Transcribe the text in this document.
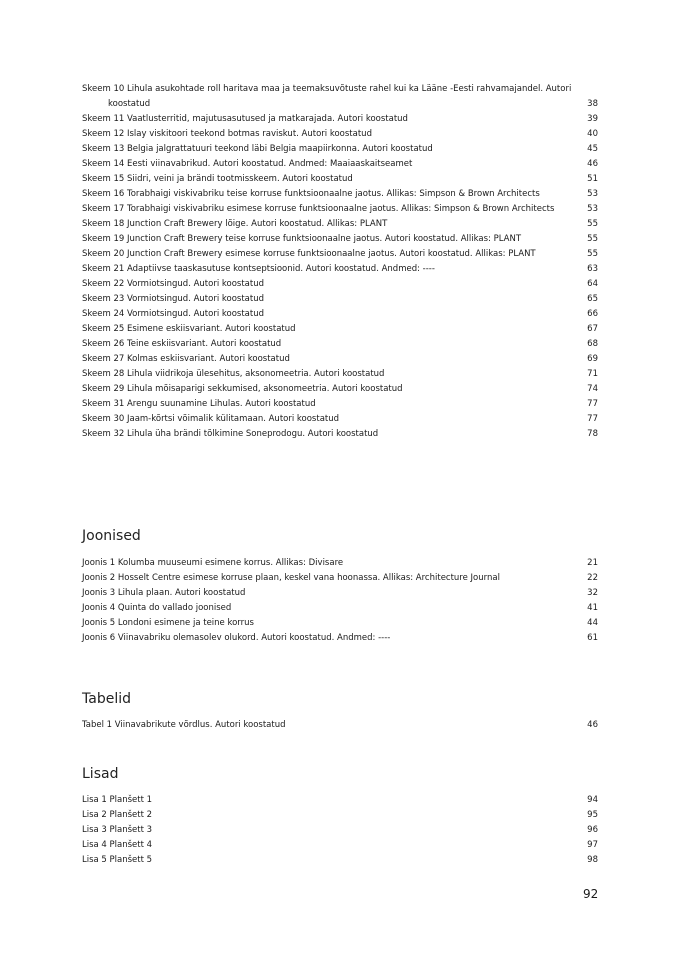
Skeem 10 Lihula asukohtade roll haritava maa ja teemaksuvõtuste rahel kui ka Lääne -Eesti rahvamajandel. Autori koostatud	38
Skeem 11 Vaatlusterritid, majutusasutused ja matkarajada. Autori koostatud	39
Skeem 12 Islay viskitoori teekond botmas raviskut. Autori koostatud	40
Skeem 13 Belgia jalgrattatuuri teekond läbi Belgia maapiirkonna. Autori koostatud	45
Skeem 14 Eesti viinavabrikud. Autori koostatud. Andmed: Maaiaaskaitseamet	46
Skeem 15 Siidri, veini ja brändi tootmisskeem. Autori koostatud	51
Skeem 16 Torabhaigi viskivabriku teise korruse funktsioonaalne jaotus. Allikas: Simpson & Brown Architects	53
Skeem 17 Torabhaigi viskivabriku esimese korruse funktsioonaalne jaotus. Allikas: Simpson & Brown Architects	53
Skeem 18 Junction Craft Brewery lõige. Autori koostatud. Allikas: PLANT	55
Skeem 19 Junction Craft Brewery teise korruse funktsioonaalne jaotus. Autori koostatud. Allikas: PLANT	55
Skeem 20 Junction Craft Brewery esimese korruse funktsioonaalne jaotus. Autori koostatud. Allikas: PLANT	55
Skeem 21 Adaptiivse taaskasutuse kontseptsioonid. Autori koostatud. Andmed: ----	63
Skeem 22 Vormiotsingud. Autori koostatud	64
Skeem 23 Vormiotsingud. Autori koostatud	65
Skeem 24 Vormiotsingud. Autori koostatud	66
Skeem 25 Esimene eskiisvariant. Autori koostatud	67
Skeem 26 Teine eskiisvariant. Autori koostatud	68
Skeem 27 Kolmas eskiisvariant. Autori koostatud	69
Skeem 28 Lihula viidrikoja ülesehitus, aksonomeetria. Autori koostatud	71
Skeem 29 Lihula mõisaparigi sekkumised, aksonomeetria. Autori koostatud	74
Skeem 31 Arengu suunamine Lihulas. Autori koostatud	77
Skeem 30 Jaam-kõrtsi võimalik külitamaan. Autori koostatud	77
Skeem 32 Lihula üha brändi tõlkimine Soneprodogu. Autori koostatud	78
Joonised
Joonis 1 Kolumba muuseumi esimene korrus. Allikas: Divisare	21
Joonis 2 Hosselt Centre esimese korruse plaan, keskel vana hoonassa. Allikas: Architecture Journal	22
Joonis 3 Lihula plaan. Autori koostatud	32
Joonis 4 Quinta do vallado joonised	41
Joonis 5 Londoni esimene ja teine korrus	44
Joonis 6 Viinavabriku olemasolev olukord. Autori koostatud. Andmed: ----	61
Tabelid
Tabel 1 Viinavabrikute võrdlus. Autori koostatud	46
Lisad
Lisa 1 Planšett 1	94
Lisa 2 Planšett 2	95
Lisa 3 Planšett 3	96
Lisa 4 Planšett 4	97
Lisa 5 Planšett 5	98
92
